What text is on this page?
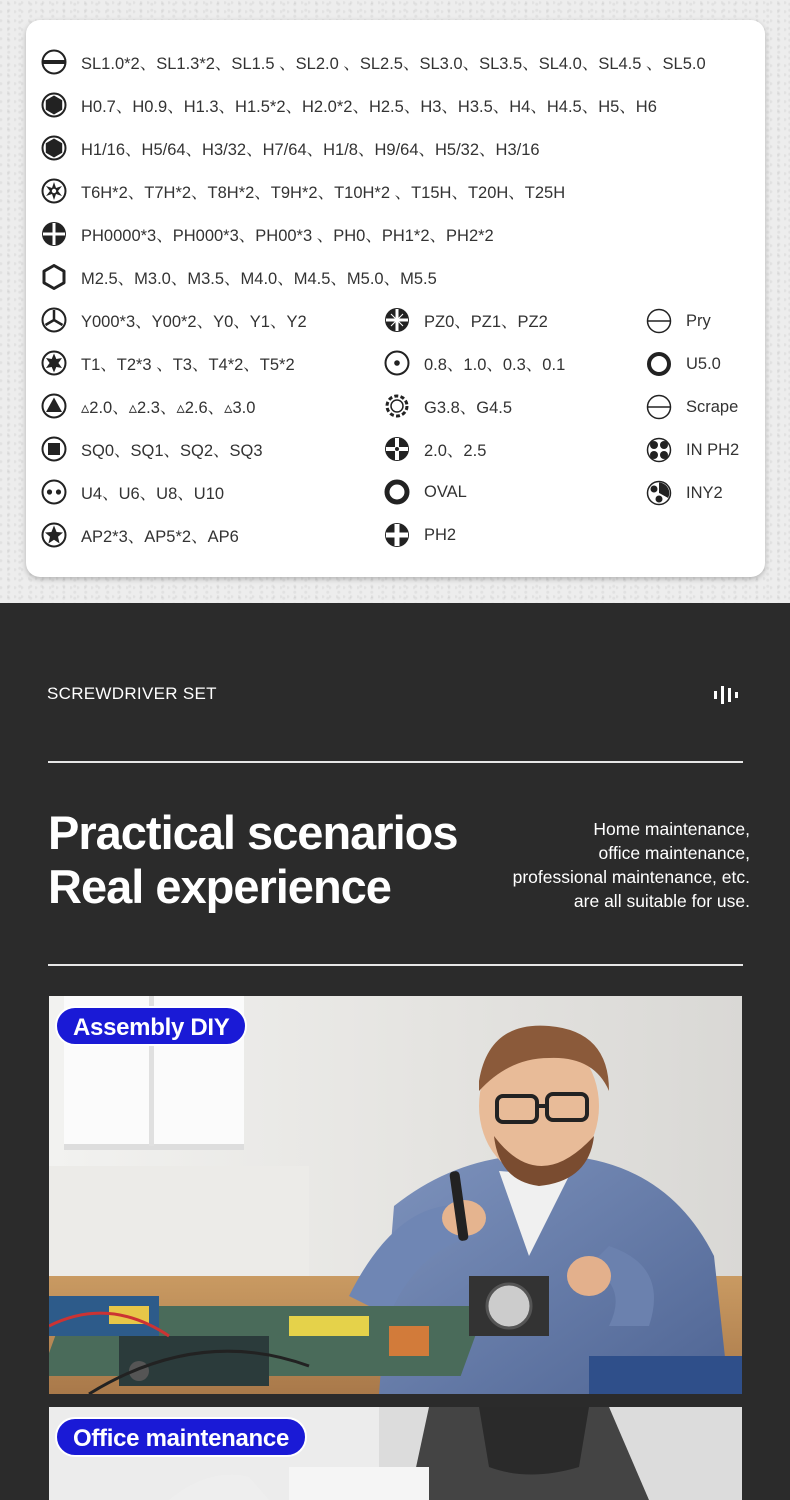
SL1.0*2、SL1.3*2、SL1.5 、SL2.0 、SL2.5、SL3.0、SL3.5、SL4.0、SL4.5 、SL5.0
H0.7、H0.9、H1.3、H1.5*2、H2.0*2、H2.5、H3、H3.5、H4、H4.5、H5、H6
H1/16、H5/64、H3/32、H7/64、H1/8、H9/64、H5/32、H3/16
T6H*2、T7H*2、T8H*2、T9H*2、T10H*2 、T15H、T20H、T25H
PH0000*3、PH000*3、PH00*3 、PH0、PH1*2、PH2*2
M2.5、M3.0、M3.5、M4.0、M4.5、M5.0、M5.5
Y000*3、Y00*2、Y0、Y1、Y2
T1、T2*3 、T3、T4*2、T5*2
▵2.0、▵2.3、▵2.6、▵3.0
SQ0、SQ1、SQ2、SQ3
U4、U6、U8、U10
AP2*3、AP5*2、AP6
PZ0、PZ1、PZ2
0.8、1.0、0.3、0.1
G3.8、G4.5
2.0、2.5
OVAL
PH2
Pry
U5.0
Scrape
IN PH2
INY2
SCREWDRIVER SET
Practical scenarios
Real experience
Home maintenance,
office maintenance,
professional maintenance, etc.
are all suitable for use.
Assembly DIY
Office maintenance
